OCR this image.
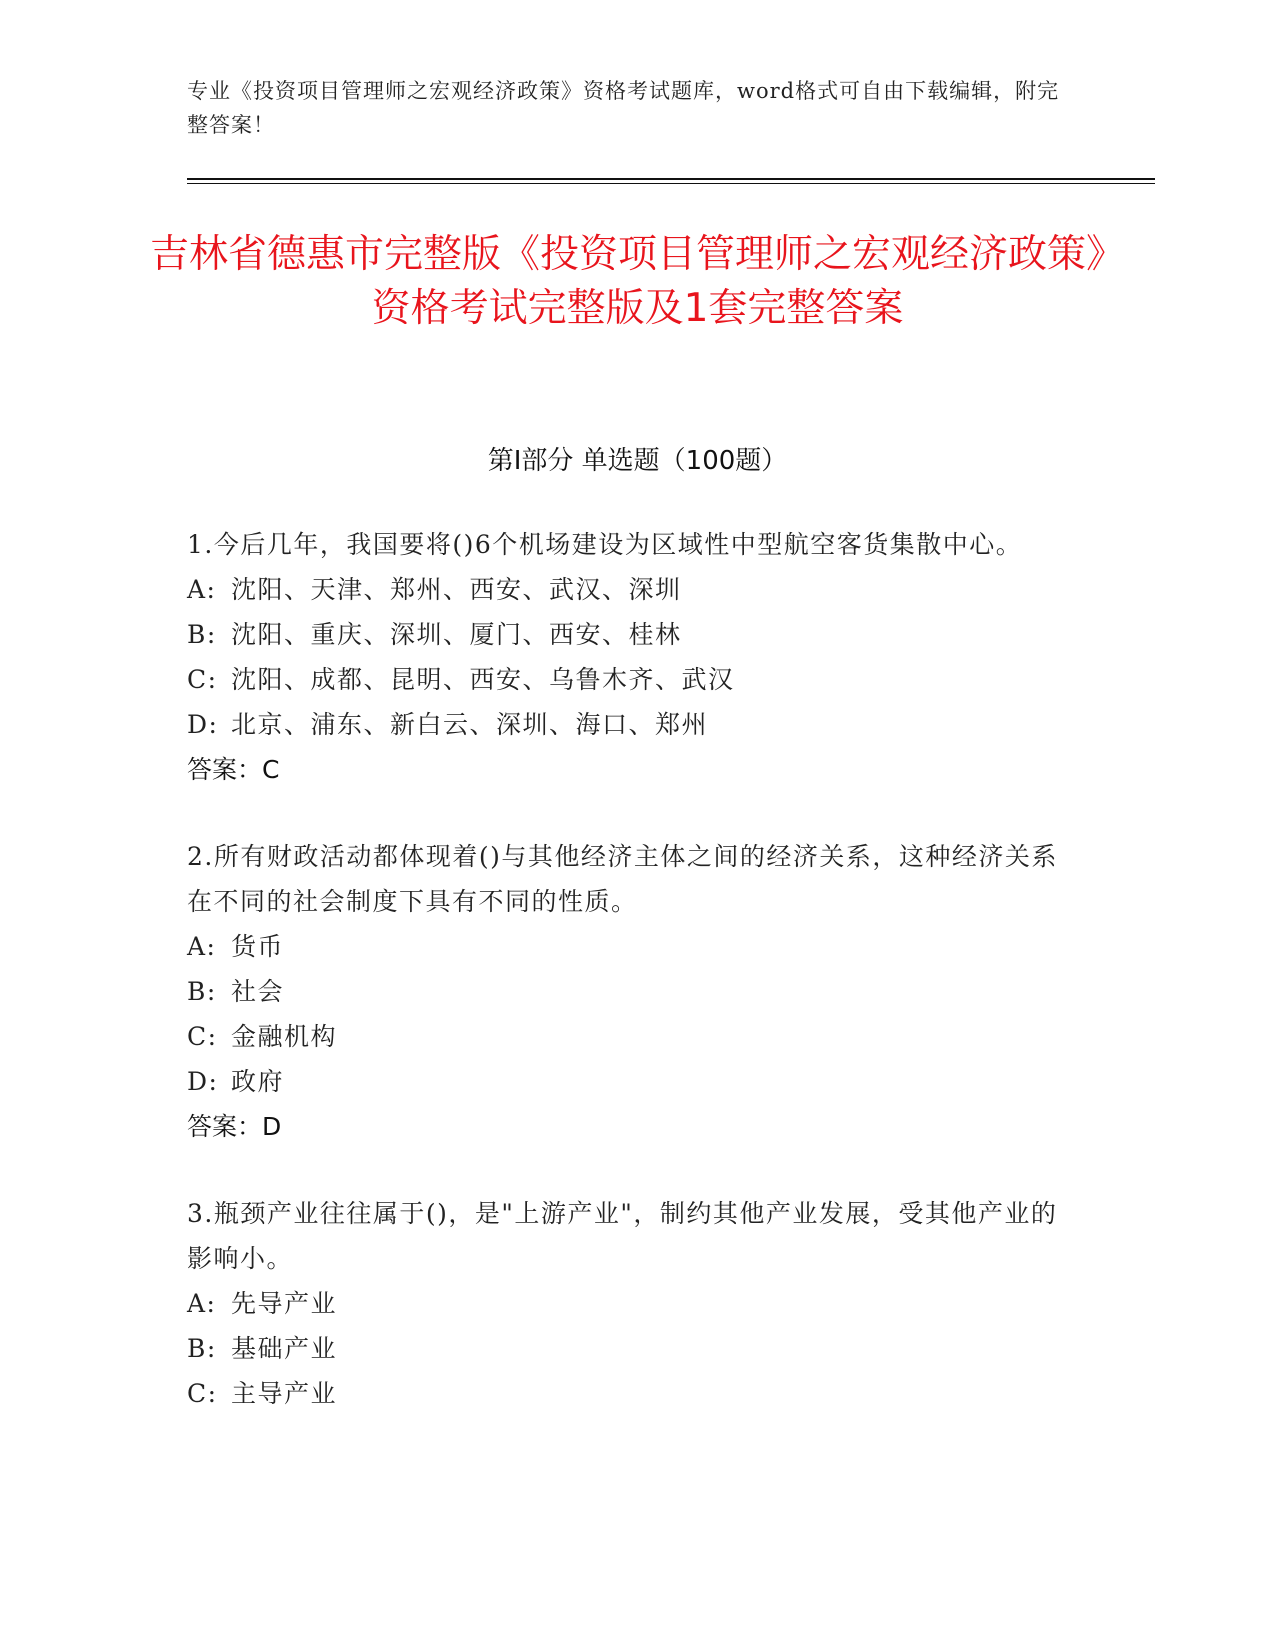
专业《投资项目管理师之宏观经济政策》资格考试题库，word格式可自由下载编辑，附完整答案！
吉林省德惠市完整版《投资项目管理师之宏观经济政策》资格考试完整版及1套完整答案
第Ⅰ部分 单选题（100题）
1.今后几年，我国要将()6个机场建设为区域性中型航空客货集散中心。
A: 沈阳、天津、郑州、西安、武汉、深圳
B: 沈阳、重庆、深圳、厦门、西安、桂林
C: 沈阳、成都、昆明、西安、乌鲁木齐、武汉
D: 北京、浦东、新白云、深圳、海口、郑州
答案：C
2.所有财政活动都体现着()与其他经济主体之间的经济关系，这种经济关系在不同的社会制度下具有不同的性质。
A: 货币
B: 社会
C: 金融机构
D: 政府
答案：D
3.瓶颈产业往往属于()，是"上游产业"，制约其他产业发展，受其他产业的影响小。
A: 先导产业
B: 基础产业
C: 主导产业
